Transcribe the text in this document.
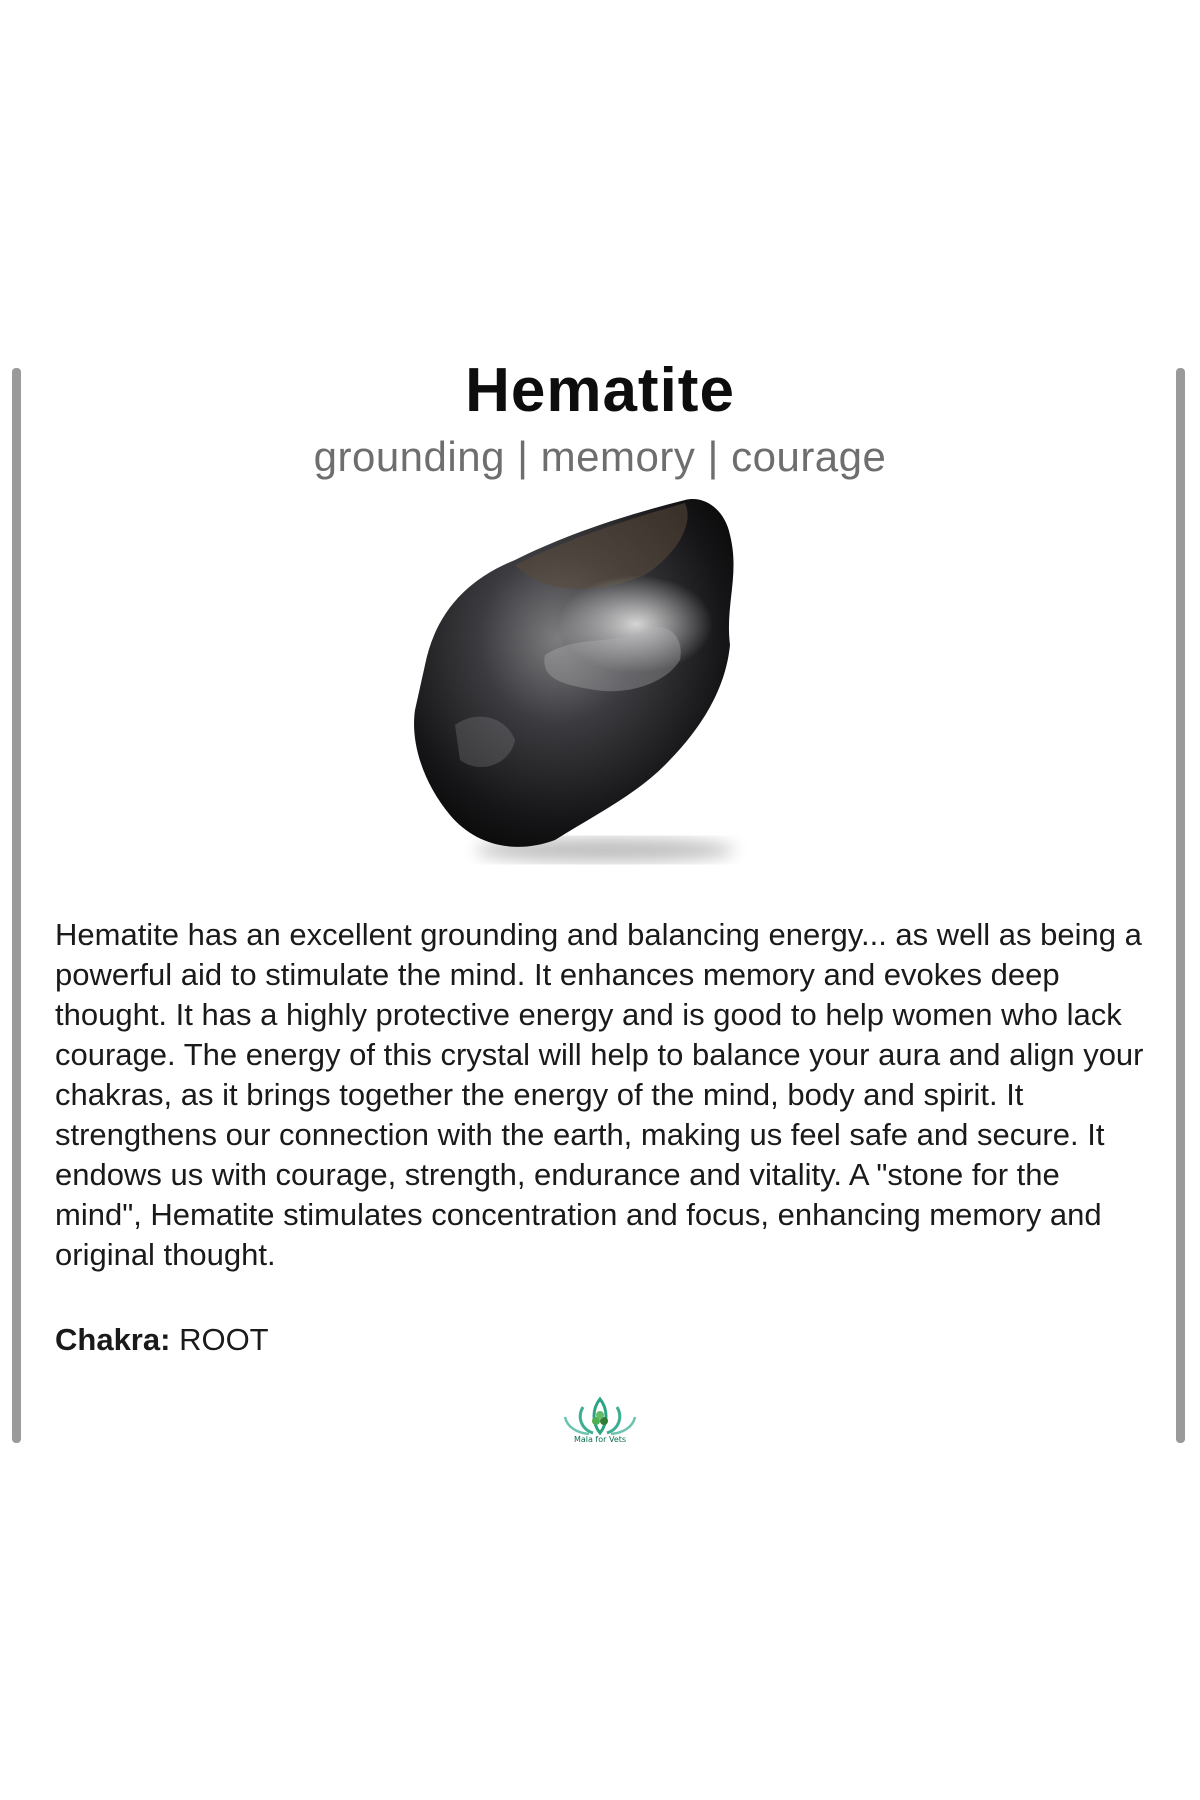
Hematite
grounding | memory | courage

Hematite has an excellent grounding and balancing energy... as well as being a powerful aid to stimulate the mind. It enhances memory and evokes deep thought. It has a highly protective energy and is good to help women who lack courage. The energy of this crystal will help to balance your aura and align your chakras, as it brings together the energy of the mind, body and spirit. It strengthens our connection with the earth, making us feel safe and secure. It endows us with courage, strength, endurance and vitality. A "stone for the mind", Hematite stimulates concentration and focus, enhancing memory and original thought.

Chakra: ROOT
Mala for Vets
